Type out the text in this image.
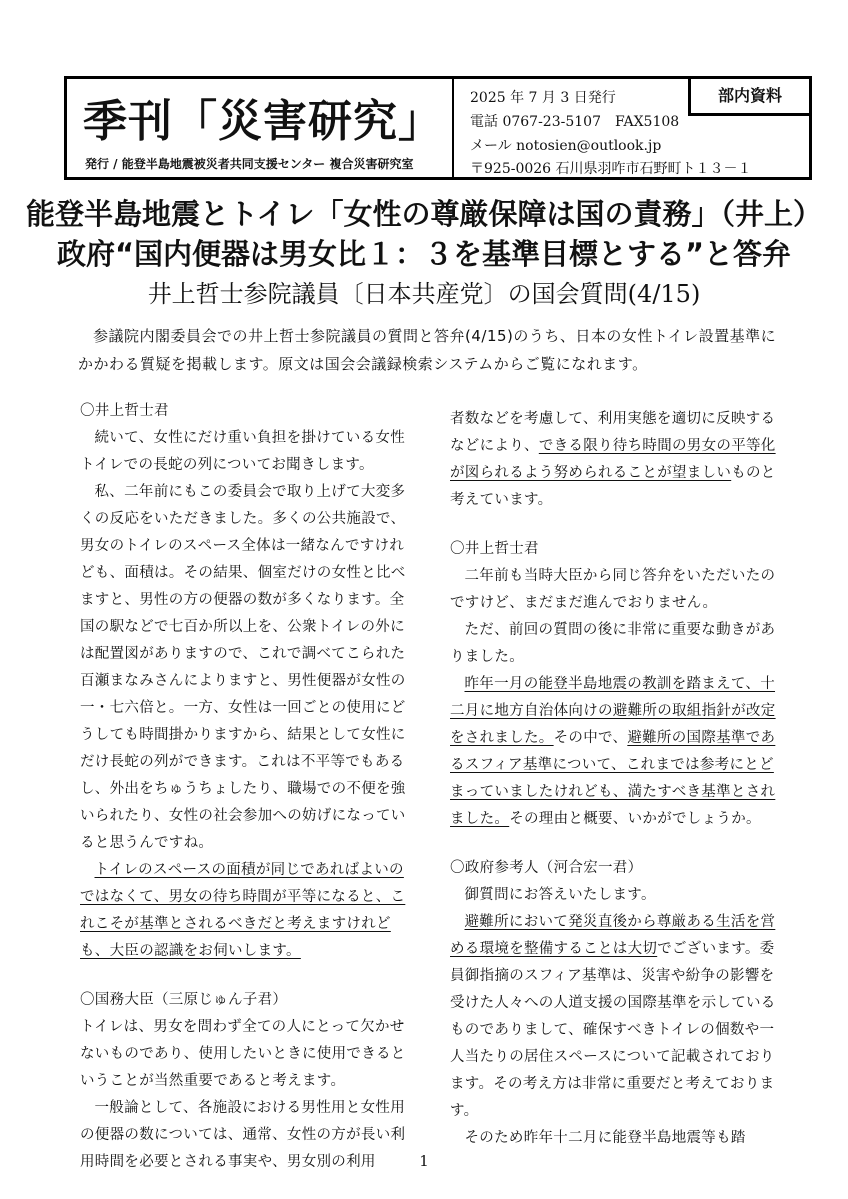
季刊「災害研究」
発行 / 能登半島地震被災者共同支援センター 複合災害研究室
2025 年 7 月 3 日発行
電話 0767-23-5107　FAX5108
メール notosien@outlook.jp
〒925-0026 石川県羽咋市石野町ト１３－１
部内資料
能登半島地震とトイレ「女性の尊厳保障は国の責務」（井上）
政府“国内便器は男女比１：３を基準目標とする”と答弁
井上哲士参院議員〔日本共産党〕の国会質問(4/15)
参議院内閣委員会での井上哲士参院議員の質問と答弁(4/15)のうち、日本の女性トイレ設置基準にかかわる質疑を掲載します。原文は国会会議録検索システムからご覧になれます。

〇井上哲士君

続いて、女性にだけ重い負担を掛けている女性トイレでの長蛇の列についてお聞きします。

私、二年前にもこの委員会で取り上げて大変多くの反応をいただきました。多くの公共施設で、男女のトイレのスペース全体は一緒なんですけれども、面積は。その結果、個室だけの女性と比べますと、男性の方の便器の数が多くなります。全国の駅などで七百か所以上を、公衆トイレの外には配置図がありますので、これで調べてこられた百瀬まなみさんによりますと、男性便器が女性の一・七六倍と。一方、女性は一回ごとの使用にどうしても時間掛かりますから、結果として女性にだけ長蛇の列ができます。これは不平等でもあるし、外出をちゅうちょしたり、職場での不便を強いられたり、女性の社会参加への妨げになっていると思うんですね。

トイレのスペースの面積が同じであればよいのではなくて、男女の待ち時間が平等になると、これこそが基準とされるべきだと考えますけれども、大臣の認識をお伺いします。

〇国務大臣（三原じゅん子君）

トイレは、男女を問わず全ての人にとって欠かせないものであり、使用したいときに使用できるということが当然重要であると考えます。

一般論として、各施設における男性用と女性用の便器の数については、通常、女性の方が長い利用時間を必要とされる事実や、男女別の利用

者数などを考慮して、利用実態を適切に反映するなどにより、できる限り待ち時間の男女の平等化が図られるよう努められることが望ましいものと考えています。

〇井上哲士君

二年前も当時大臣から同じ答弁をいただいたのですけど、まだまだ進んでおりません。

ただ、前回の質問の後に非常に重要な動きがありました。

昨年一月の能登半島地震の教訓を踏まえて、十二月に地方自治体向けの避難所の取組指針が改定をされました。その中で、避難所の国際基準であるスフィア基準について、これまでは参考にとどまっていましたけれども、満たすべき基準とされました。その理由と概要、いかがでしょうか。

〇政府参考人（河合宏一君）

御質問にお答えいたします。

避難所において発災直後から尊厳ある生活を営める環境を整備することは大切でございます。委員御指摘のスフィア基準は、災害や紛争の影響を受けた人々への人道支援の国際基準を示しているものでありまして、確保すべきトイレの個数や一人当たりの居住スペースについて記載されております。その考え方は非常に重要だと考えております。

そのため昨年十二月に能登半島地震等も踏

1
